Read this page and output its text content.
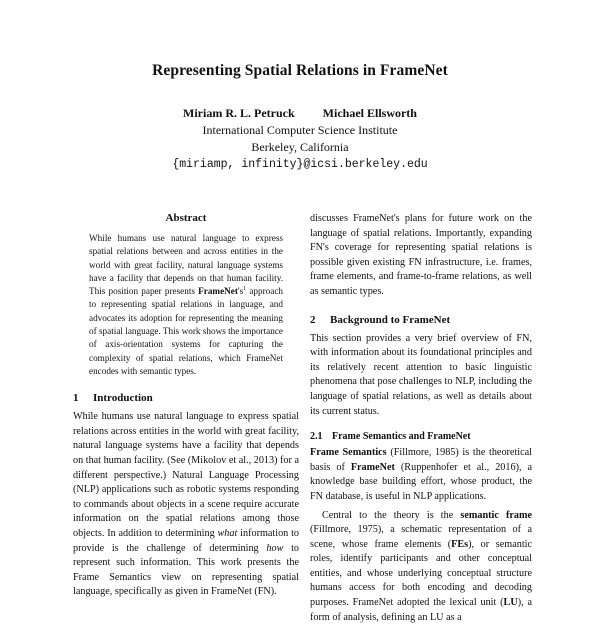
Representing Spatial Relations in FrameNet
Miriam R. L. Petruck Michael Ellsworth
International Computer Science Institute
Berkeley, California
{miriamp, infinity}@icsi.berkeley.edu
Abstract

While humans use natural language to express spatial relations between and across entities in the world with great facility, natural language systems have a facility that depends on that human facility. This position paper presents $FrameNet's^1$ approach to representing spatial relations in language, and advocates its adoption for representing the meaning of spatial language. This work shows the importance of axis-orientation systems for capturing the complexity of spatial relations, which FrameNet encodes with semantic types.

1 Introduction

While humans use natural language to express spatial relations across entities in the world with great facility, natural language systems have a facility that depends on that human facility. (See (Mikolov et al., 2013) for a different perspective.) Natural Language Processing (NLP) applications such as robotic systems responding to commands about objects in a scene require accurate information on the spatial relations among those objects. In addition to determining what information to provide is the challenge of determining how to represent such information. This work presents the Frame Semantics view on representing spatial language, specifically as given in FrameNet (FN).

discusses FrameNet's plans for future work on the language of spatial relations. Importantly, expanding FN's coverage for representing spatial relations is possible given existing FN infrastructure, i.e. frames, frame elements, and frame-to-frame relations, as well as semantic types.

2 Background to FrameNet

This section provides a very brief overview of FN, with information about its foundational principles and its relatively recent attention to basic linguistic phenomena that pose challenges to NLP, including the language of spatial relations, as well as details about its current status.

2.1 Frame Semantics and FrameNet

Frame Semantics (Fillmore, 1985) is the theoretical basis of FrameNet (Ruppenhofer et al., 2016), a knowledge base building effort, whose product, the FN database, is useful in NLP applications.

Central to the theory is the semantic frame (Fillmore, 1975), a schematic representation of a scene, whose frame elements (FEs), or semantic roles, identify participants and other conceptual entities, and whose underlying conceptual structure humans access for both encoding and decoding purposes. FrameNet adopted the lexical unit (LU), a form of analysis, defining an LU as a
